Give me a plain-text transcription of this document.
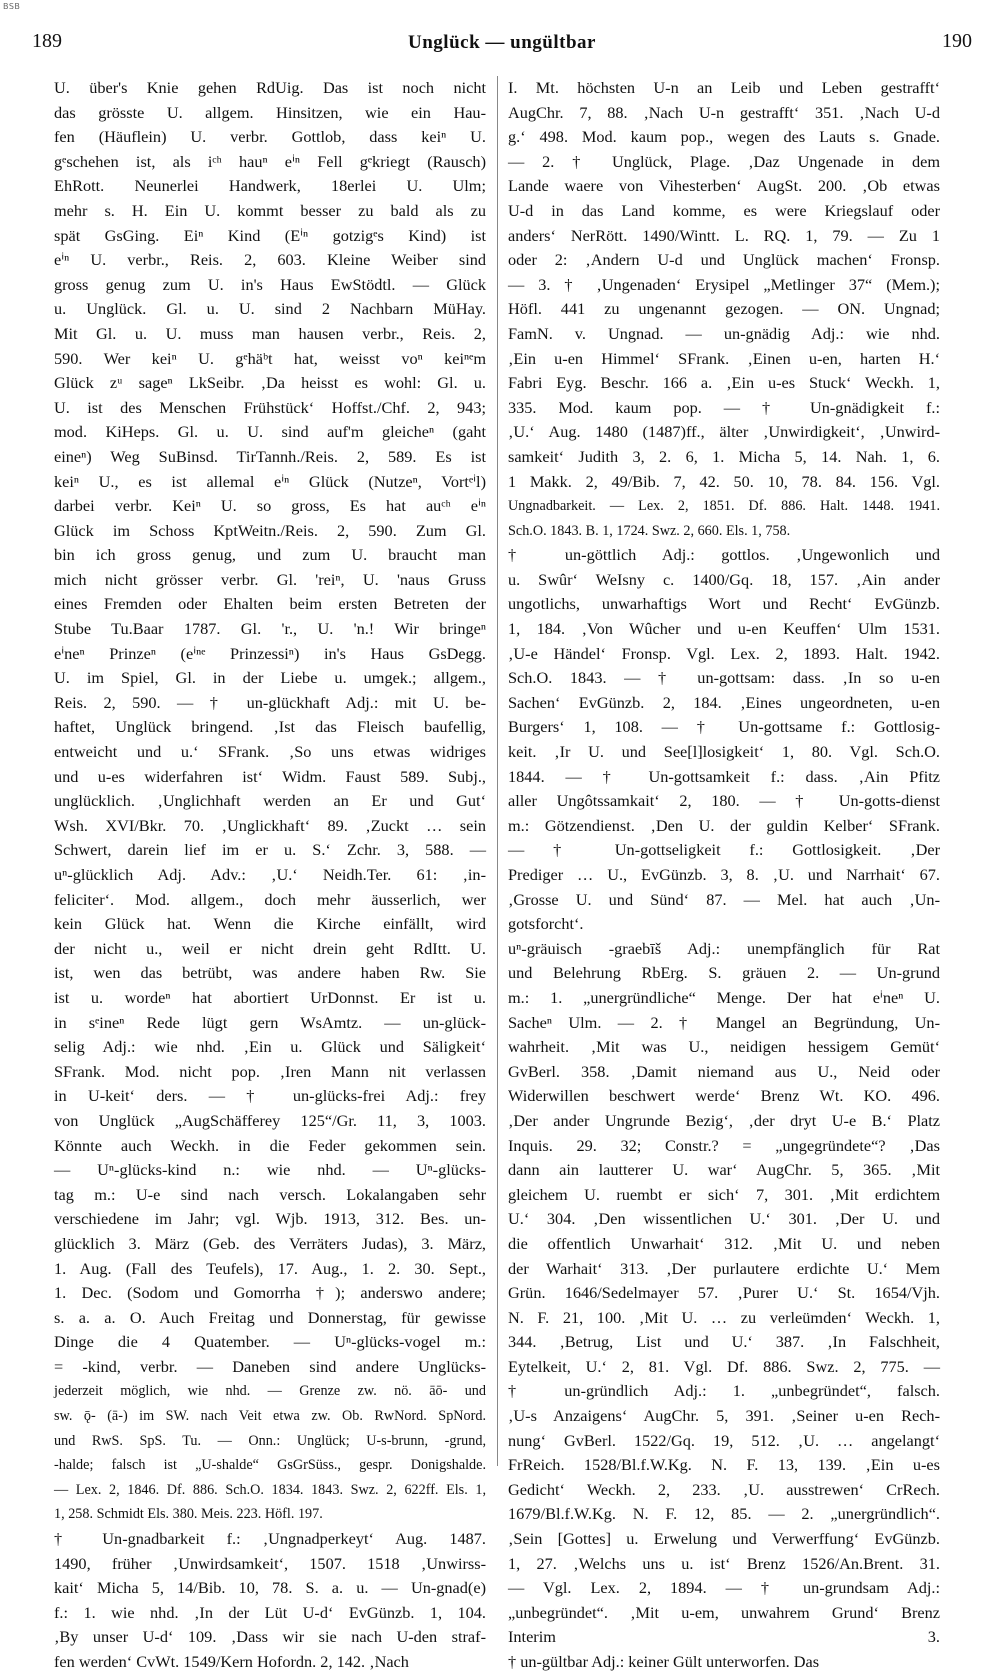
BSB
189	Unglück — ungültbar	190
U. über's Knie gehen RdUig. Das ist noch nicht
das grösste U. allgem. Hinsitzen, wie ein Hau-
fen (Häuflein) U. verbr. Gottlob, dass keiⁿ U.
gᵉschehen ist, als iᶜʰ hauⁿ eⁱⁿ Fell gᵉkriegt (Rausch)
EhRott. Neunerlei Handwerk, 18erlei U. Ulm;
mehr s. H. Ein U. kommt besser zu bald als zu
spät GsGing. Eiⁿ Kind (Eⁱⁿ gotzigᵉs Kind) ist
eⁱⁿ U. verbr., Reis. 2, 603. Kleine Weiber sind
gross genug zum U. in's Haus EwStödtl. — Glück
u. Unglück. Gl. u. U. sind 2 Nachbarn MüHay.
Mit Gl. u. U. muss man hausen verbr., Reis. 2,
590. Wer keiⁿ U. gᵉhäᵇt hat, weisst voⁿ keiⁿᵉm
Glück zᵘ sageⁿ LkSeibr. ‚Da heisst es wohl: Gl. u.
U. ist des Menschen Frühstück‘ Hoffst./Chf. 2, 943;
mod. KiHeps. Gl. u. U. sind auf'm gleicheⁿ (gaht
eineⁿ) Weg SuBinsd. TirTannh./Reis. 2, 589. Es ist
keiⁿ U., es ist allemal eⁱⁿ Glück (Nutzeⁿ, Vortᵉⁱl)
darbei verbr. Keiⁿ U. so gross, Es hat auᶜʰ eⁱⁿ
Glück im Schoss KptWeitn./Reis. 2, 590. Zum Gl.
bin ich gross genug, und zum U. braucht man
mich nicht grösser verbr. Gl. 'reiⁿ, U. 'naus Gruss
eines Fremden oder Ehalten beim ersten Betreten der
Stube Tu.Baar 1787. Gl. 'r., U. 'n.! Wir bringeⁿ
eⁱneⁿ Prinzeⁿ (eⁱⁿᵉ Prinzessiⁿ) in's Haus GsDegg.
U. im Spiel, Gl. in der Liebe u. umgek.; allgem.,
Reis. 2, 590. — † un-glückhaft Adj.: mit U. be-
haftet, Unglück bringend. ‚Ist das Fleisch baufellig,
entweicht und u.‘ SFrank. ‚So uns etwas widriges
und u-es widerfahren ist‘ Widm. Faust 589. Subj.,
unglücklich. ‚Unglichhaft werden an Er und Gut‘
Wsh. XVI/Bkr. 70. ‚Unglickhaft‘ 89. ‚Zuckt … sein
Schwert, darein lief im er u. S.‘ Zchr. 3, 588. —
uⁿ-glücklich Adj. Adv.: ‚U.‘ Neidh.Ter. 61: ‚in-
feliciter‘. Mod. allgem., doch mehr äusserlich, wer
kein Glück hat. Wenn die Kirche einfällt, wird
der nicht u., weil er nicht drein geht RdItt. U.
ist, wen das betrübt, was andere haben Rw. Sie
ist u. wordeⁿ hat abortiert UrDonnst. Er ist u.
in sᵉineⁿ Rede lügt gern WsAmtz. — un-glück-
selig Adj.: wie nhd. ‚Ein u. Glück und Säligkeit‘
SFrank. Mod. nicht pop. ‚Iren Mann nit verlassen
in U-keit‘ ders. — † un-glücks-frei Adj.: frey
von Unglück „AugSchäfferey 125“/Gr. 11, 3, 1003.
Könnte auch Weckh. in die Feder gekommen sein.
— Uⁿ-glücks-kind n.: wie nhd. — Uⁿ-glücks-
tag m.: U-e sind nach versch. Lokalangaben sehr
verschiedene im Jahr; vgl. Wjb. 1913, 312. Bes. un-
glücklich 3. März (Geb. des Verräters Judas), 3. März,
1. Aug. (Fall des Teufels), 17. Aug., 1. 2. 30. Sept.,
1. Dec. (Sodom und Gomorrha †); anderswo andere;
s. a. a. O. Auch Freitag und Donnerstag, für gewisse
Dinge die 4 Quatember. — Uⁿ-glücks-vogel m.:
= -kind, verbr. — Daneben sind andere Unglücks-
jederzeit möglich, wie nhd. — Grenze zw. nö. āō- und
sw. ǭ- (ā-) im SW. nach Veit etwa zw. Ob. RwNord. SpNord.
und RwS. SpS. Tu. — Onn.: Unglück; U-s-brunn, -grund,
-halde; falsch ist „U-shalde“ GsGrSüss., gespr. Donigshalde.
— Lex. 2, 1846. Df. 886. Sch.O. 1834. 1843. Swz. 2, 622ff. Els. 1,
1, 258. Schmidt Els. 380. Meis. 223. Höfl. 197.
† Un-gnadbarkeit f.: ‚Ungnadperkeyt‘ Aug. 1487.
1490, früher ‚Unwirdsamkeit‘, 1507. 1518 ‚Unwirss-
kait‘ Micha 5, 14/Bib. 10, 78. S. a. u. — Un-gnad(e)
f.: 1. wie nhd. ‚In der Lüt U-d‘ EvGünzb. 1, 104.
‚By unser U-d‘ 109. ‚Dass wir sie nach U-den straf-
fen werden‘ CvWt. 1549/Kern Hofordn. 2, 142. ‚Nach
I. Mt. höchsten U-n an Leib und Leben gestrafft‘
AugChr. 7, 88. ‚Nach U-n gestrafft‘ 351. ‚Nach U-d
g.‘ 498. Mod. kaum pop., wegen des Lauts s. Gnade.
— 2. † Unglück, Plage. ‚Daz Ungenade in dem
Lande waere von Vihesterben‘ AugSt. 200. ‚Ob etwas
U-d in das Land komme, es were Kriegslauf oder
anders‘ NerRött. 1490/Wintt. L. RQ. 1, 79. — Zu 1
oder 2: ‚Andern U-d und Unglück machen‘ Fronsp.
— 3. † ‚Ungenaden‘ Erysipel „Metlinger 37“ (Mem.);
Höfl. 441 zu ungenannt gezogen. — ON. Ungnad;
FamN. v. Ungnad. — un-gnädig Adj.: wie nhd.
‚Ein u-en Himmel‘ SFrank. ‚Einen u-en, harten H.‘
Fabri Eyg. Beschr. 166 a. ‚Ein u-es Stuck‘ Weckh. 1,
335. Mod. kaum pop. — † Un-gnädigkeit f.:
‚U.‘ Aug. 1480 (1487)ff., älter ‚Unwirdigkeit‘, ‚Unwird-
samkeit‘ Judith 3, 2. 6, 1. Micha 5, 14. Nah. 1, 6.
1 Makk. 2, 49/Bib. 7, 42. 50. 10, 78. 84. 156. Vgl.
Ungnadbarkeit. — Lex. 2, 1851. Df. 886. Halt. 1448. 1941.
Sch.O. 1843. B. 1, 1724. Swz. 2, 660. Els. 1, 758.
† un-göttlich Adj.: gottlos. ‚Ungewonlich und
u. Swûr‘ WeIsny c. 1400/Gq. 18, 157. ‚Ain ander
ungotlichs, unwarhaftigs Wort und Recht‘ EvGünzb.
1, 184. ‚Von Wûcher und u-en Keuffen‘ Ulm 1531.
‚U-e Händel‘ Fronsp. Vgl. Lex. 2, 1893. Halt. 1942.
Sch.O. 1843. — † un-gottsam: dass. ‚In so u-en
Sachen‘ EvGünzb. 2, 184. ‚Eines ungeordneten, u-en
Burgers‘ 1, 108. — † Un-gottsame f.: Gottlosig-
keit. ‚Ir U. und See[l]losigkeit‘ 1, 80. Vgl. Sch.O.
1844. — † Un-gottsamkeit f.: dass. ‚Ain Pfitz
aller Ungôtssamkait‘ 2, 180. — † Un-gotts-dienst
m.: Götzendienst. ‚Den U. der guldin Kelber‘ SFrank.
— † Un-gottseligkeit f.: Gottlosigkeit. ‚Der
Prediger … U., EvGünzb. 3, 8. ‚U. und Narrhait‘ 67.
‚Grosse U. und Sünd‘ 87. — Mel. hat auch ‚Un-
gotsforcht‘.
uⁿ-gräuisch -graebīš Adj.: unempfänglich für Rat
und Belehrung RbErg. S. gräuen 2. — Un-grund
m.: 1. „unergründliche“ Menge. Der hat eⁱneⁿ U.
Sacheⁿ Ulm. — 2. † Mangel an Begründung, Un-
wahrheit. ‚Mit was U., neidigen hessigem Gemüt‘
GvBerl. 358. ‚Damit niemand aus U., Neid oder
Widerwillen beschwert werde‘ Brenz Wt. KO. 496.
‚Der ander Ungrunde Bezig‘, ‚der dryt U-e B.‘ Platz
Inquis. 29. 32; Constr.? = „ungegründete“? ‚Das
dann ain lautterer U. war‘ AugChr. 5, 365. ‚Mit
gleichem U. ruembt er sich‘ 7, 301. ‚Mit erdichtem
U.‘ 304. ‚Den wissentlichen U.‘ 301. ‚Der U. und
die offentlich Unwarhait‘ 312. ‚Mit U. und neben
der Warhait‘ 313. ‚Der purlautere erdichte U.‘ Mem
Grün. 1646/Sedelmayer 57. ‚Purer U.‘ St. 1654/Vjh.
N. F. 21, 100. ‚Mit U. … zu verleümden‘ Weckh. 1,
344. ‚Betrug, List und U.‘ 387. ‚In Falschheit,
Eytelkeit, U.‘ 2, 81. Vgl. Df. 886. Swz. 2, 775. —
† un-gründlich Adj.: 1. „unbegründet“, falsch.
‚U-s Anzaigens‘ AugChr. 5, 391. ‚Seiner u-en Rech-
nung‘ GvBerl. 1522/Gq. 19, 512. ‚U. … angelangt‘
FrReich. 1528/Bl.f.W.Kg. N. F. 13, 139. ‚Ein u-es
Gedicht‘ Weckh. 2, 233. ‚U. ausstrewen‘ CrRech.
1679/Bl.f.W.Kg. N. F. 12, 85. — 2. „unergründlich“.
‚Sein [Gottes] u. Erwelung und Verwerffung‘ EvGünzb.
1, 27. ‚Welchs uns u. ist‘ Brenz 1526/An.Brent. 31.
— Vgl. Lex. 2, 1894. — † un-grundsam Adj.:
„unbegründet“. ‚Mit u-em, unwahrem Grund‘ Brenz
Interim 3.
† un-gültbar Adj.: keiner Gült unterworfen. Das
